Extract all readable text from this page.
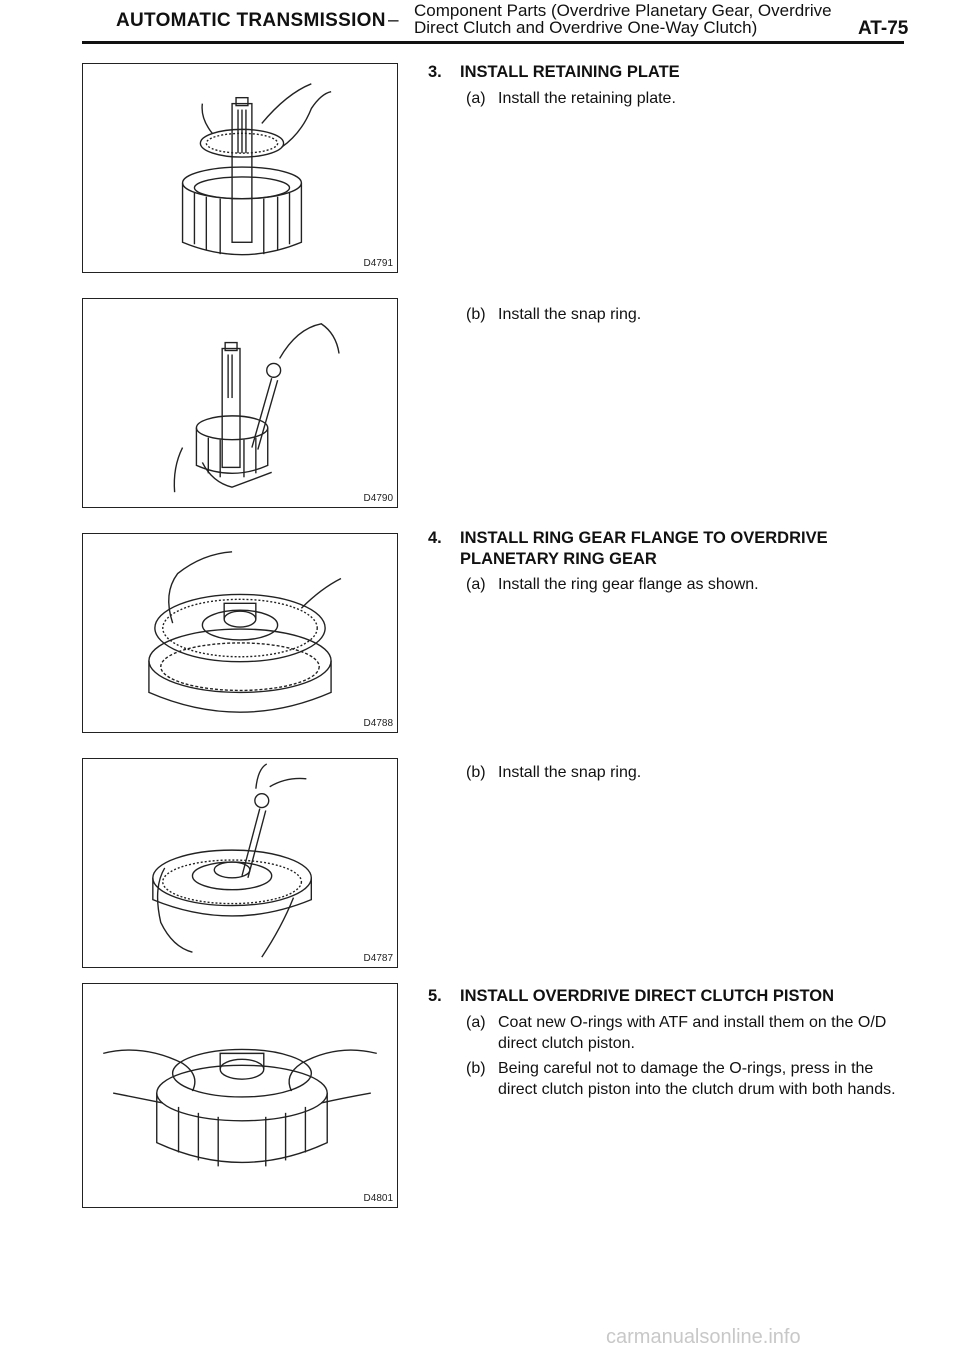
AUTOMATIC TRANSMISSION – Component Parts (Overdrive Planetary Gear, Overdrive
Direct Clutch and Overdrive One-Way Clutch)	AT-75
D4791
D4790
D4788
D4787
D4801
3. INSTALL RETAINING PLATE
(a) Install the retaining plate.
(b) Install the snap ring.
4. INSTALL RING GEAR FLANGE TO OVERDRIVE PLANETARY RING GEAR
(a) Install the ring gear flange as shown.
(b) Install the snap ring.
5. INSTALL OVERDRIVE DIRECT CLUTCH PISTON
(a) Coat new O-rings with ATF and install them on the O/D direct clutch piston.
(b) Being careful not to damage the O-rings, press in the direct clutch piston into the clutch drum with both hands.
carmanualsonline.info
